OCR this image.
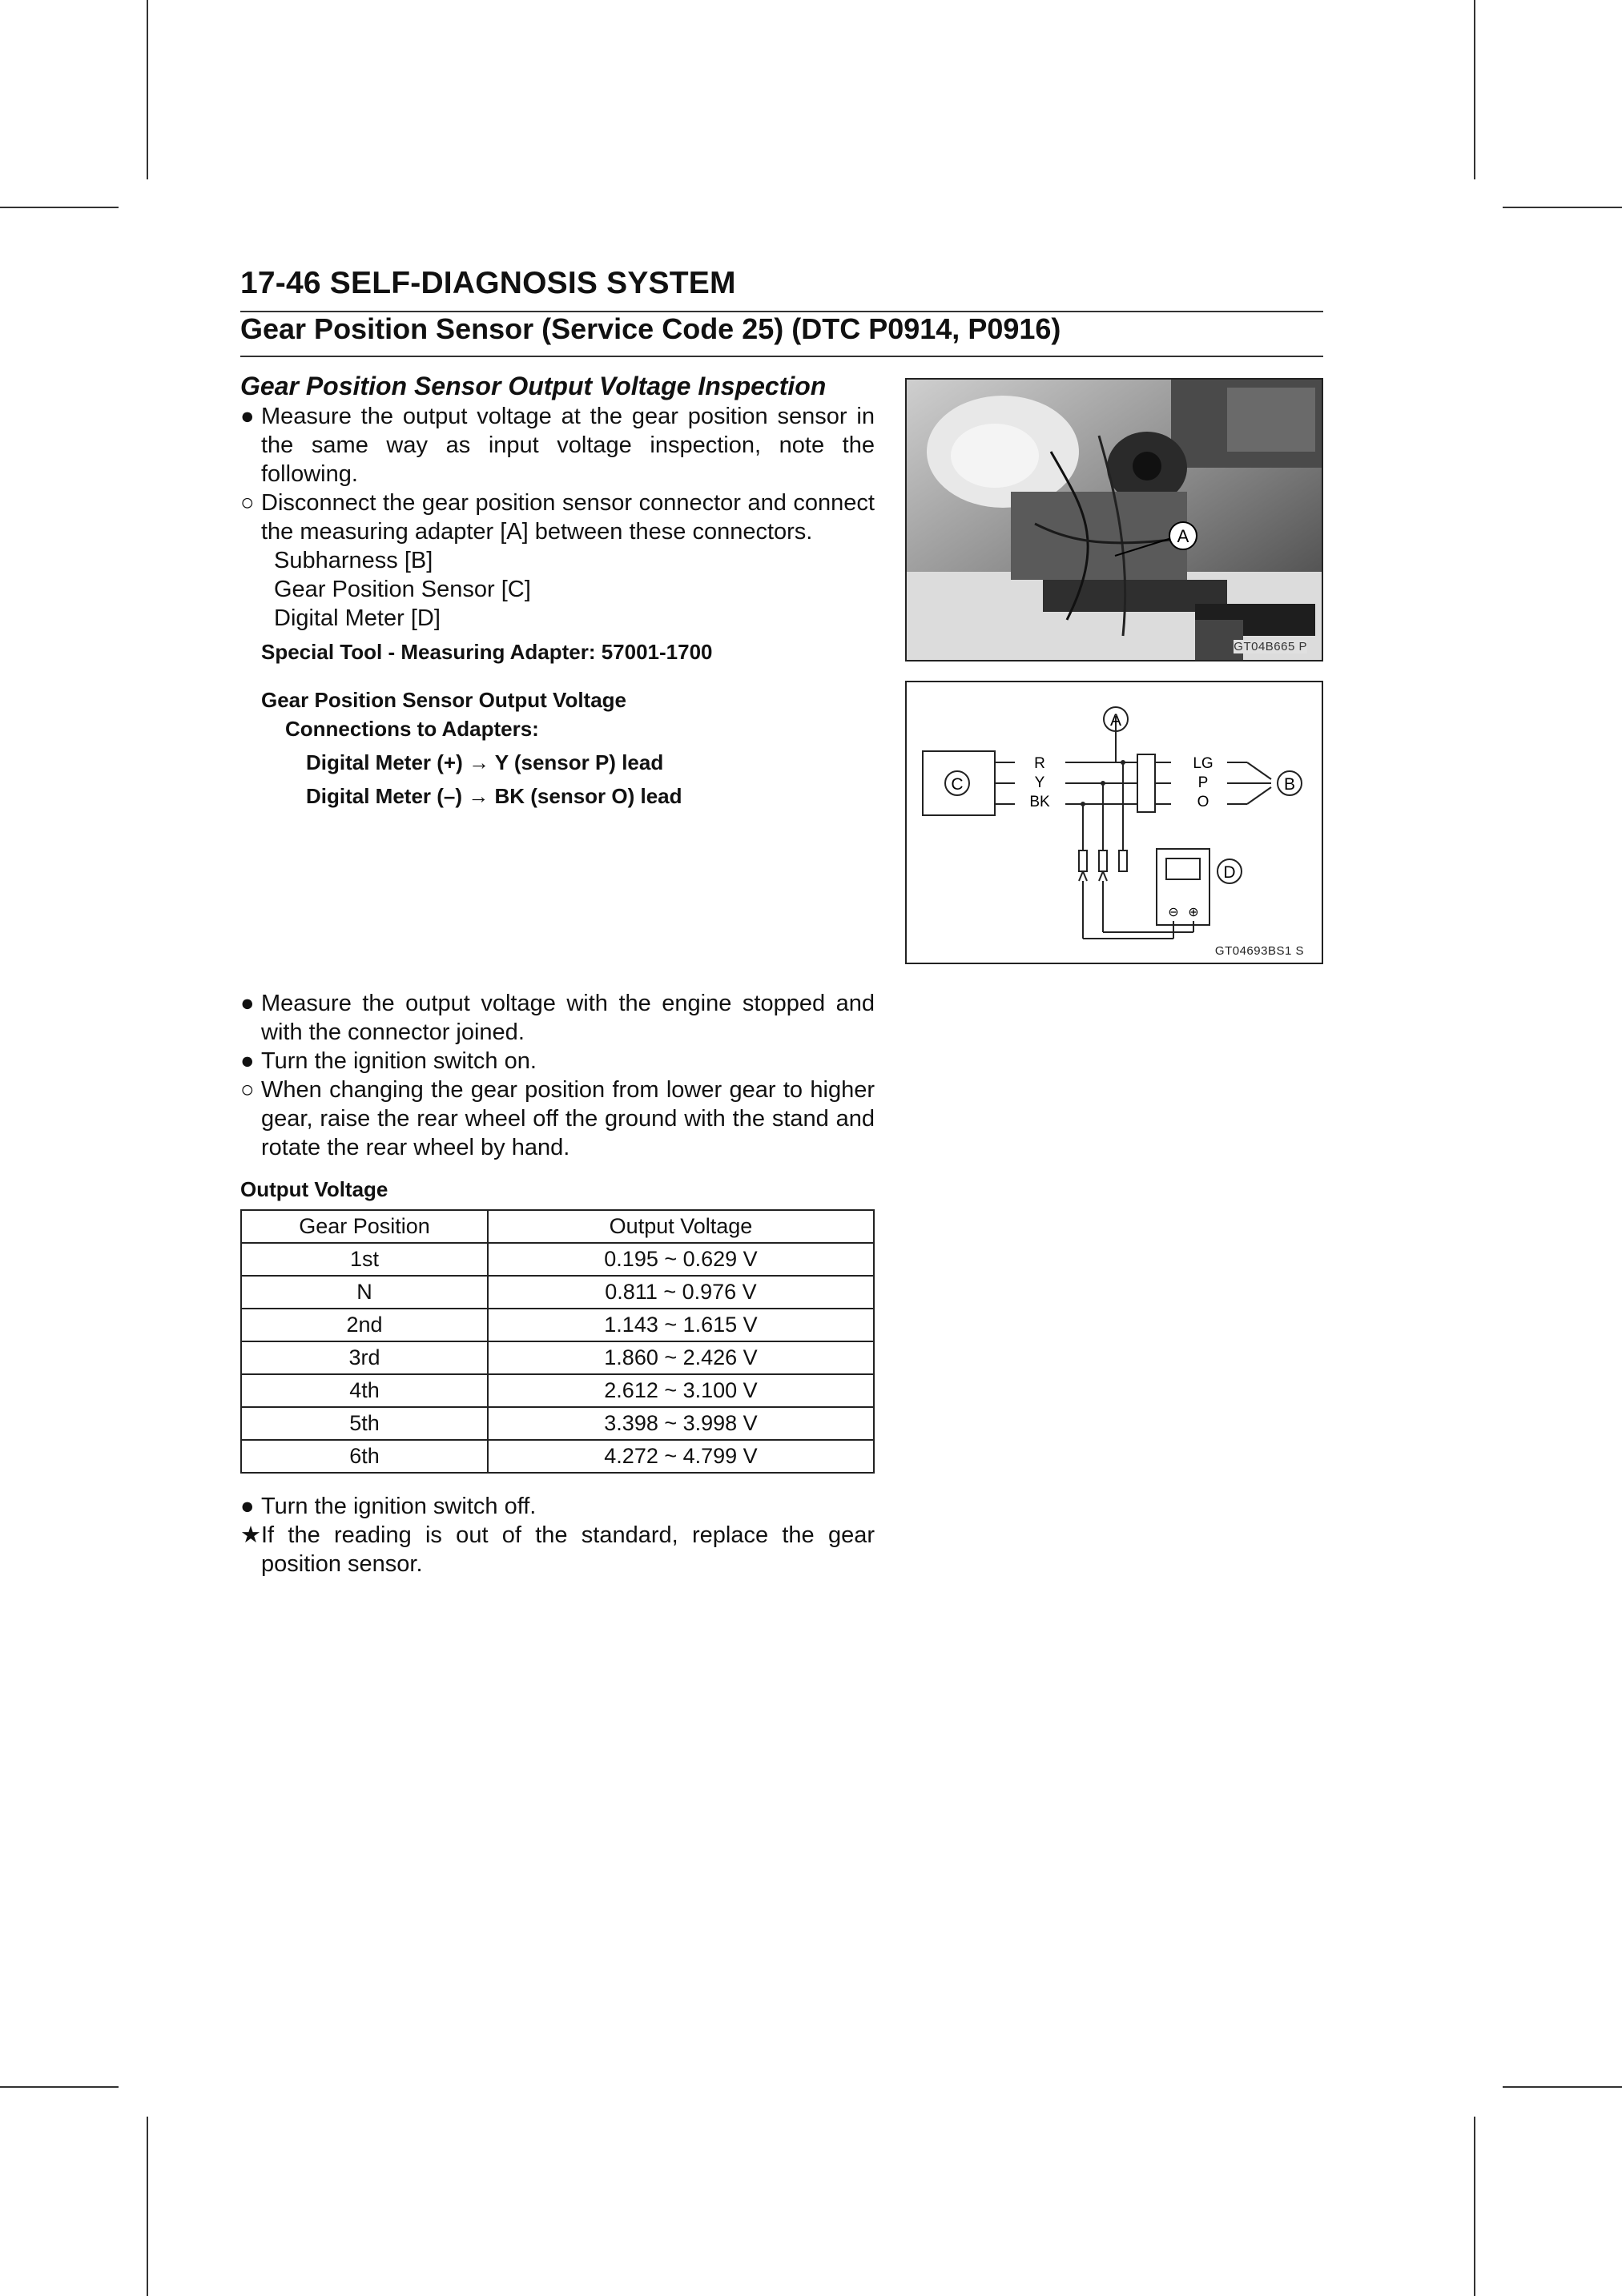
17-46 SELF-DIAGNOSIS SYSTEM
Gear Position Sensor (Service Code 25) (DTC P0914, P0916)
Gear Position Sensor Output Voltage Inspection
● Measure the output voltage at the gear position sensor in the same way as input voltage inspection, note the following.
○ Disconnect the gear position sensor connector and connect the measuring adapter [A] between these connectors.
Subharness [B]
Gear Position Sensor [C]
Digital Meter [D]
Special Tool - Measuring Adapter: 57001-1700
Gear Position Sensor Output Voltage
Connections to Adapters:
Digital Meter (+) → Y (sensor P) lead
Digital Meter (–) → BK (sensor O) lead
● Measure the output voltage with the engine stopped and with the connector joined.
● Turn the ignition switch on.
○ When changing the gear position from lower gear to higher gear, raise the rear wheel off the ground with the stand and rotate the rear wheel by hand.
Output Voltage
Gear Position	Output Voltage
1st	0.195 ~ 0.629 V
N	0.811 ~ 0.976 V
2nd	1.143 ~ 1.615 V
3rd	1.860 ~ 2.426 V
4th	2.612 ~ 3.100 V
5th	3.398 ~ 3.998 V
6th	4.272 ~ 4.799 V
● Turn the ignition switch off.
★ If the reading is out of the standard, replace the gear position sensor.
A
GT04B665 P
C
R
Y
BK
A
LG
P
O
B
⊖ ⊕
D
GT04693BS1 S
